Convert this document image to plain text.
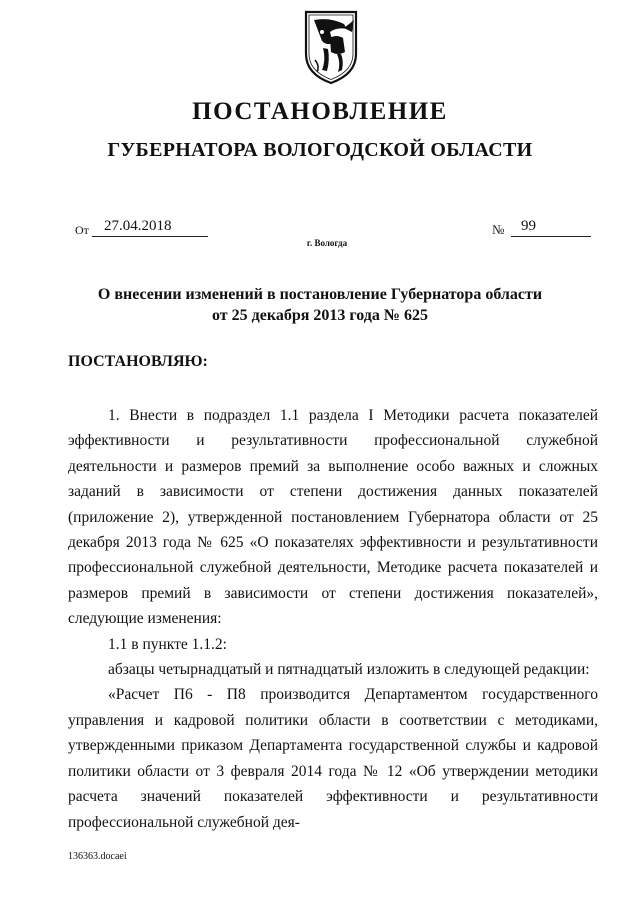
ПОСТАНОВЛЕНИЕ
ГУБЕРНАТОРА ВОЛОГОДСКОЙ ОБЛАСТИ
От	27.04.2018	№	99
г. Вологда
О внесении изменений в постановление Губернатора области
от 25 декабря 2013 года № 625
ПОСТАНОВЛЯЮ:

1. Внести в подраздел 1.1 раздела I Методики расчета показателей эффективности и результативности профессиональной служебной деятельности и размеров премий за выполнение особо важных и сложных заданий в зависимости от степени достижения данных показателей (приложение 2), утвержденной постановлением Губернатора области от 25 декабря 2013 года № 625 «О показателях эффективности и результативности профессиональной служебной деятельности, Методике расчета показателей и размеров премий в зависимости от степени достижения показателей», следующие изменения:

1.1 в пункте 1.1.2:

абзацы четырнадцатый и пятнадцатый изложить в следующей редакции:

«Расчет П6 - П8 производится Департаментом государственного управления и кадровой политики области в соответствии с методиками, утвержденными приказом Департамента государственной службы и кадровой политики области от 3 февраля 2014 года № 12 «Об утверждении методики расчета значений показателей эффективности и результативности профессиональной служебной дея-

136363.docaei
